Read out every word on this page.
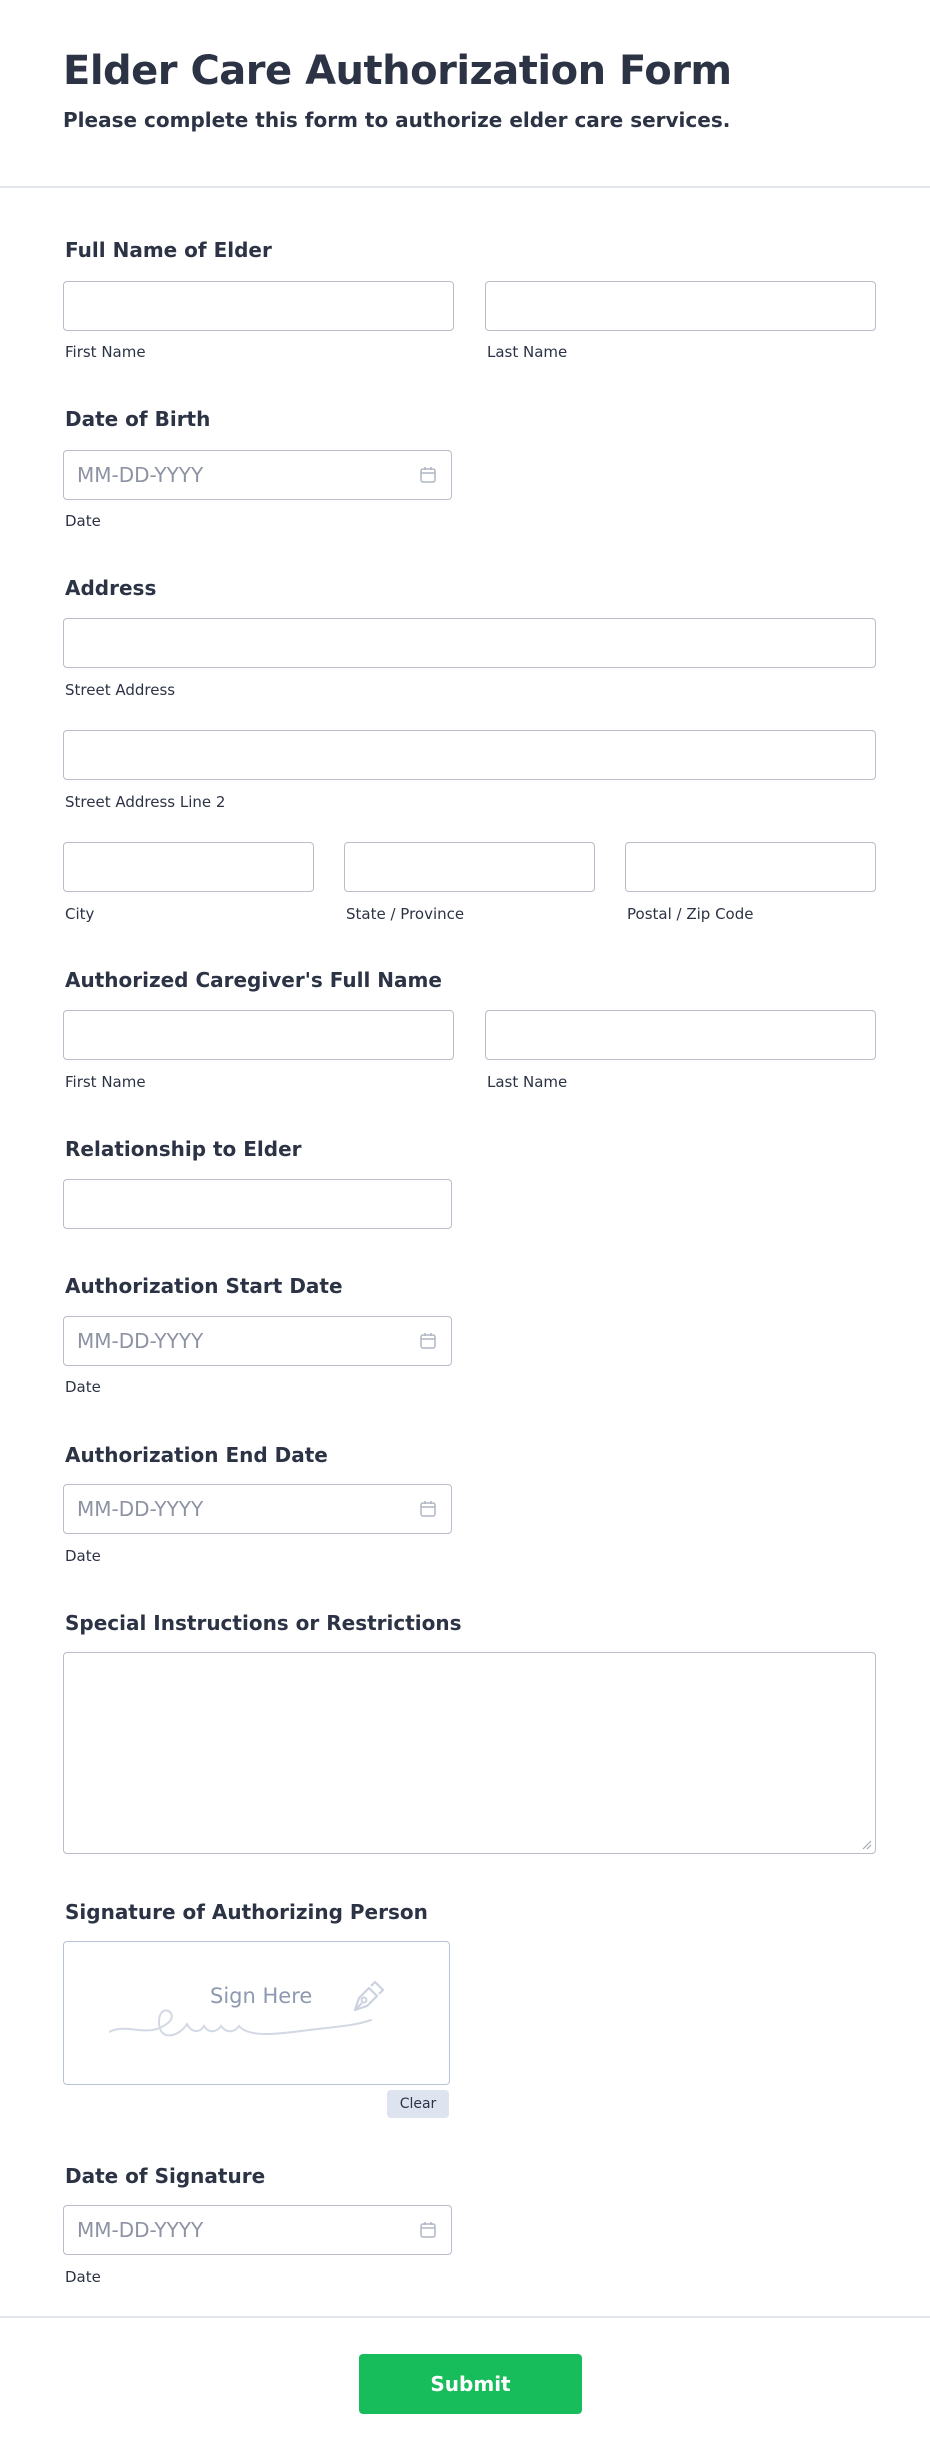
Elder Care Authorization Form
Please complete this form to authorize elder care services.
Full Name of Elder
First Name	Last Name
Date of Birth
MM-DD-YYYY
Date
Address
Street Address
Street Address Line 2
City	State / Province	Postal / Zip Code
Authorized Caregiver's Full Name
First Name	Last Name
Relationship to Elder
Authorization Start Date
MM-DD-YYYY
Date
Authorization End Date
MM-DD-YYYY
Date
Special Instructions or Restrictions
Signature of Authorizing Person
Sign Here
Clear
Date of Signature
MM-DD-YYYY
Date
Submit
